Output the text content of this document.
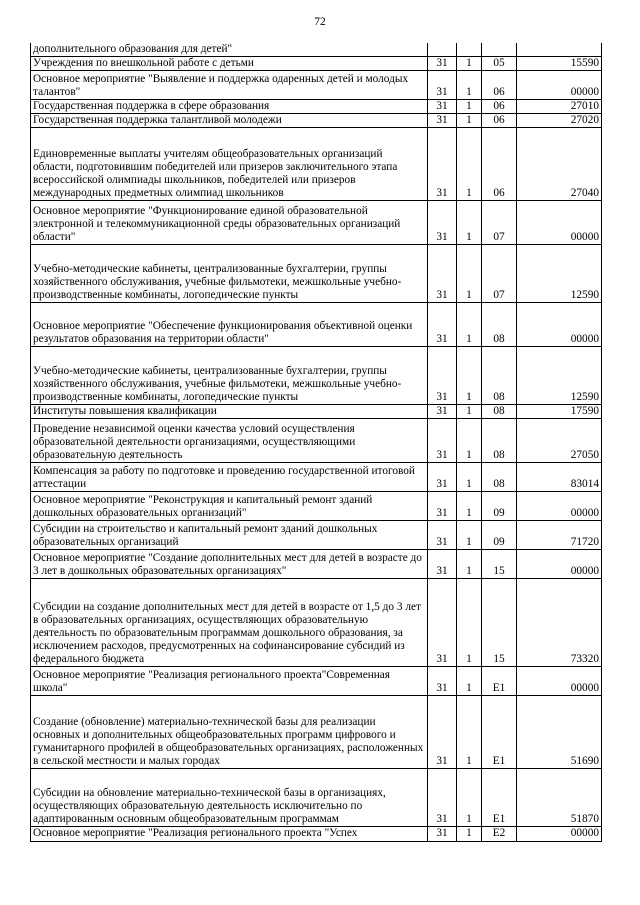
72
дополнительного образования для детей"				
Учреждения по внешкольной работе с детьми	31	1	05	15590
Основное мероприятие "Выявление и поддержка одаренных детей и молодых талантов"	31	1	06	00000
Государственная поддержка в сфере образования	31	1	06	27010
Государственная поддержка талантливой молодежи	31	1	06	27020
Единовременные выплаты учителям общеобразовательных организаций области, подготовившим победителей или призеров заключительного этапа всероссийской олимпиады школьников, победителей или призеров международных предметных олимпиад школьников	31	1	06	27040
Основное мероприятие "Функционирование единой образовательной электронной и телекоммуникационной среды образовательных организаций области"	31	1	07	00000
Учебно-методические кабинеты, централизованные бухгалтерии, группы хозяйственного обслуживания, учебные фильмотеки, межшкольные учебно-производственные комбинаты, логопедические пункты	31	1	07	12590
Основное мероприятие "Обеспечение функционирования объективной оценки результатов образования на территории области"	31	1	08	00000
Учебно-методические кабинеты, централизованные бухгалтерии, группы хозяйственного обслуживания, учебные фильмотеки, межшкольные учебно-производственные комбинаты, логопедические пункты	31	1	08	12590
Институты повышения квалификации	31	1	08	17590
Проведение независимой оценки качества условий осуществления образовательной деятельности организациями, осуществляющими образовательную деятельность	31	1	08	27050
Компенсация за работу по подготовке и проведению государственной итоговой аттестации	31	1	08	83014
Основное мероприятие "Реконструкция и капитальный ремонт зданий дошкольных образовательных организаций"	31	1	09	00000
Субсидии на строительство и капитальный ремонт зданий дошкольных образовательных организаций	31	1	09	71720
Основное мероприятие "Создание дополнительных мест для детей в возрасте до 3 лет в дошкольных образовательных организациях"	31	1	15	00000
Субсидии на создание дополнительных мест для детей в возрасте от 1,5 до 3 лет в образовательных организациях, осуществляющих образовательную деятельность по образовательным программам дошкольного образования, за исключением расходов, предусмотренных на софинансирование субсидий из федерального бюджета	31	1	15	73320
Основное мероприятие "Реализация регионального проекта"Современная школа"	31	1	E1	00000
Создание (обновление) материально-технической базы для реализации основных и дополнительных общеобразовательных программ цифрового и гуманитарного профилей в общеобразовательных организациях, расположенных в сельской местности и малых городах	31	1	E1	51690
Субсидии на обновление материально-технической базы в организациях, осуществляющих образовательную деятельность исключительно по адаптированным основным общеобразовательным программам	31	1	E1	51870
Основное мероприятие "Реализация регионального проекта "Успех	31	1	E2	00000
